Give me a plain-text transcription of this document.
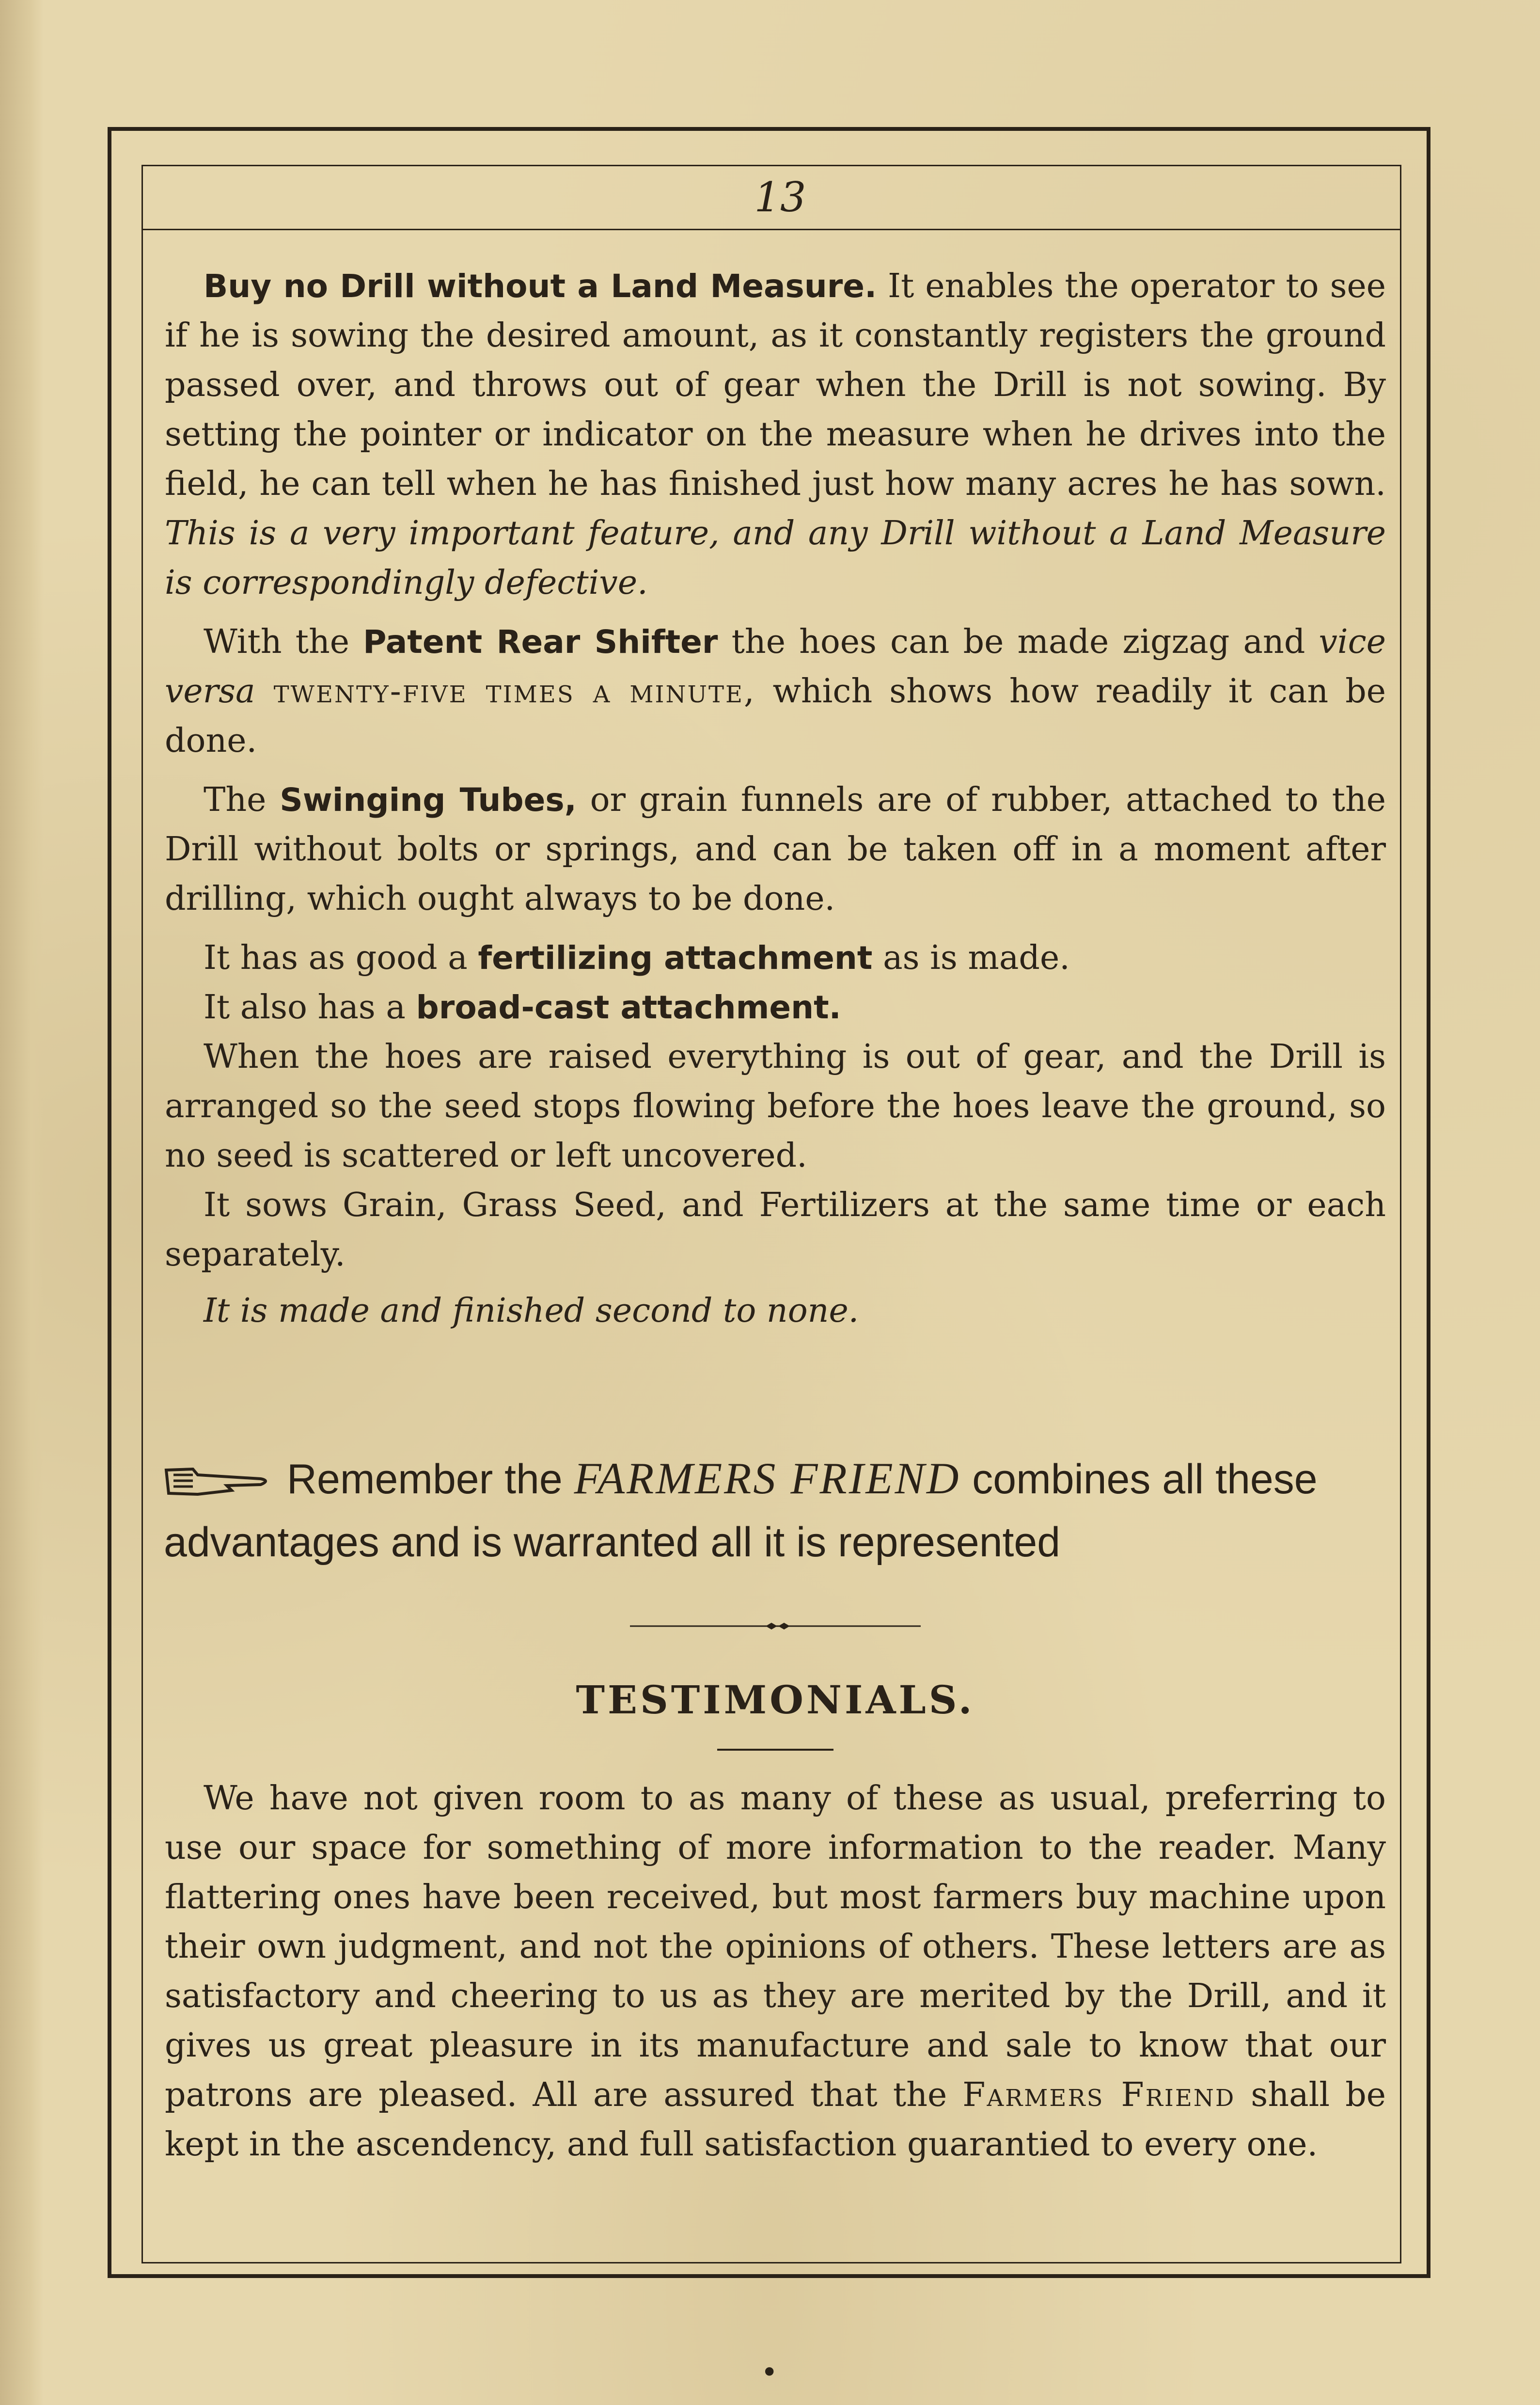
13

Buy no Drill without a Land Measure. It enables the operator to see if he is sowing the desired amount, as it constantly registers the ground passed over, and throws out of gear when the Drill is not sowing. By setting the pointer or indicator on the measure when he drives into the field, he can tell when he has finished just how many acres he has sown. This is a very important feature, and any Drill without a Land Measure is correspondingly defective.

With the Patent Rear Shifter the hoes can be made zigzag and vice versa twenty-five times a minute, which shows how readily it can be done.

The Swinging Tubes, or grain funnels are of rubber, attached to the Drill without bolts or springs, and can be taken off in a moment after drilling, which ought always to be done.

It has as good a fertilizing attachment as is made.

It also has a broad-cast attachment.

When the hoes are raised everything is out of gear, and the Drill is arranged so the seed stops flowing before the hoes leave the ground, so no seed is scattered or left uncovered.

It sows Grain, Grass Seed, and Fertilizers at the same time or each separately.

It is made and finished second to none.

Remember the FARMERS FRIEND combines all these advantages and is warranted all it is represented
TESTIMONIALS.

We have not given room to as many of these as usual, preferring to use our space for something of more information to the reader. Many flattering ones have been received, but most farmers buy machine upon their own judgment, and not the opinions of others. These letters are as satisfactory and cheering to us as they are merited by the Drill, and it gives us great pleasure in its manufacture and sale to know that our patrons are pleased. All are assured that the Farmers Friend shall be kept in the ascendency, and full satisfaction guarantied to every one.

•
